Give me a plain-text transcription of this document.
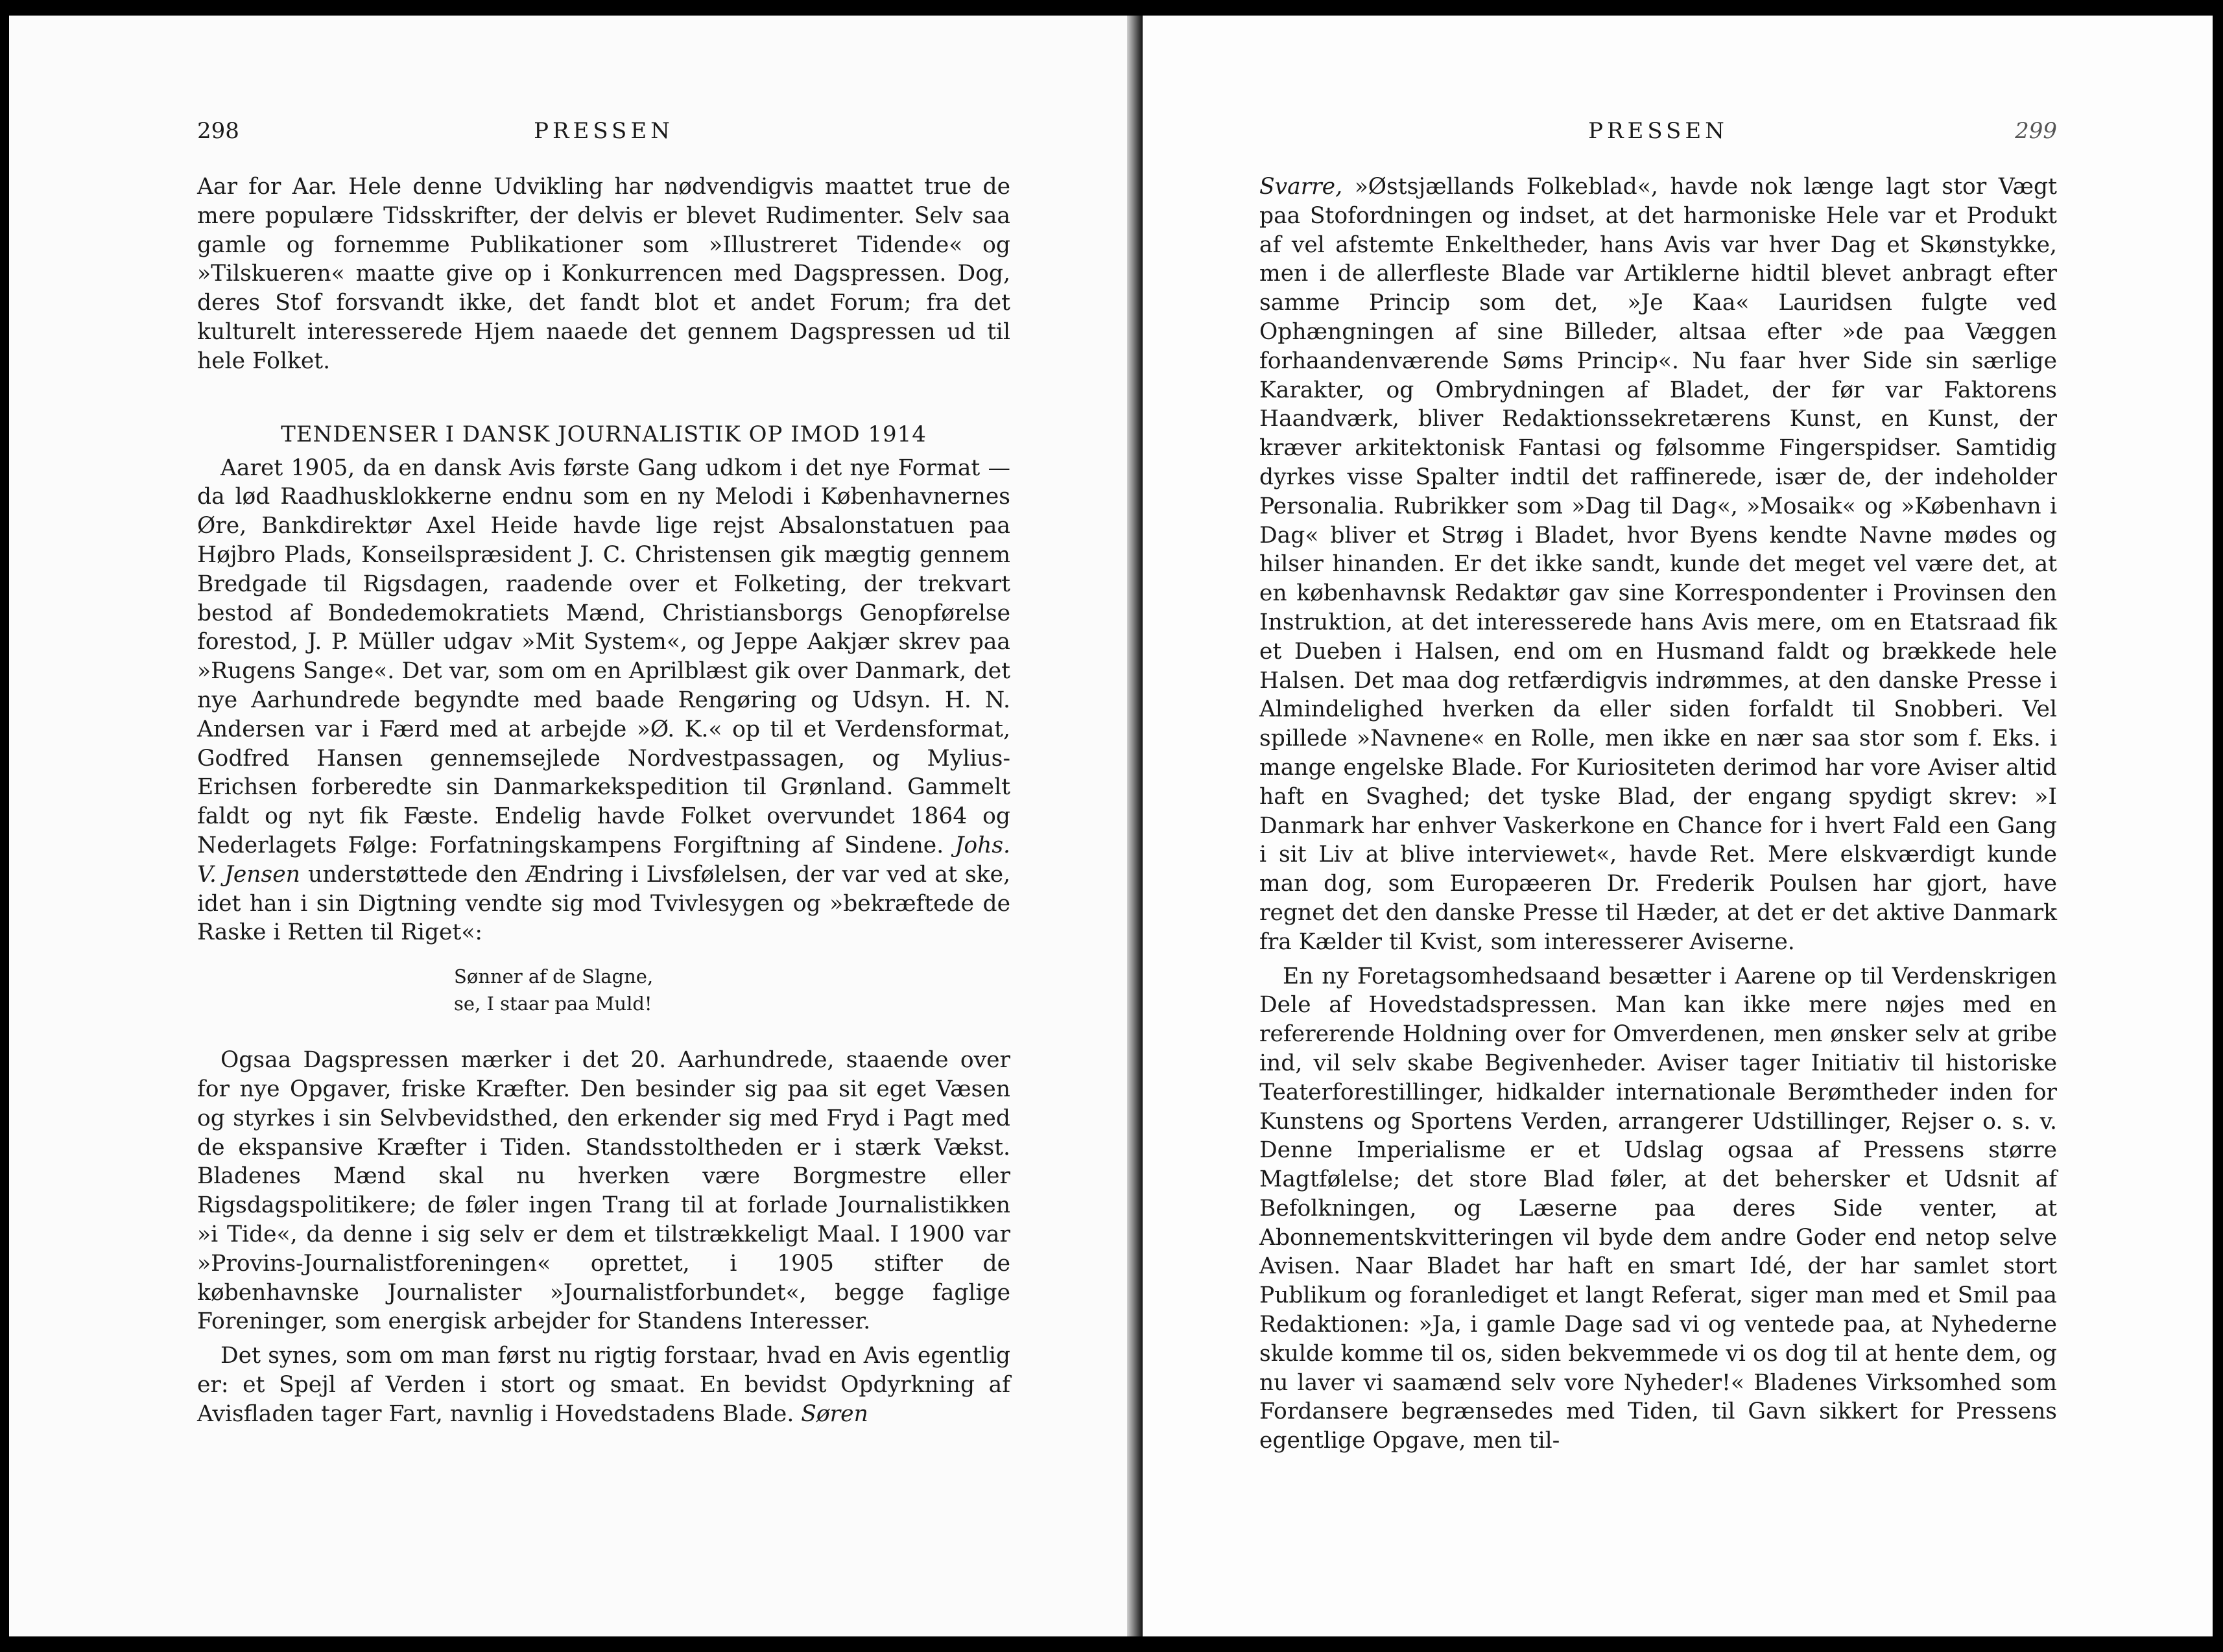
298	PRESSEN

Aar for Aar. Hele denne Udvikling har nødvendigvis maattet true de mere populære Tidsskrifter, der delvis er blevet Rudimenter. Selv saa gamle og fornemme Publikationer som »Illustreret Tidende« og »Tilskueren« maatte give op i Konkurrencen med Dagspressen. Dog, deres Stof forsvandt ikke, det fandt blot et andet Forum; fra det kulturelt interesserede Hjem naaede det gennem Dagspressen ud til hele Folket.

TENDENSER I DANSK JOURNALISTIK OP IMOD 1914

Aaret 1905, da en dansk Avis første Gang udkom i det nye Format — da lød Raadhusklokkerne endnu som en ny Melodi i Københavnernes Øre, Bankdirektør Axel Heide havde lige rejst Absalonstatuen paa Højbro Plads, Konseilspræsident J. C. Christensen gik mægtig gennem Bredgade til Rigsdagen, raadende over et Folketing, der trekvart bestod af Bondedemokratiets Mænd, Christiansborgs Genopførelse forestod, J. P. Müller udgav »Mit System«, og Jeppe Aakjær skrev paa »Rugens Sange«. Det var, som om en Aprilblæst gik over Danmark, det nye Aarhundrede begyndte med baade Rengøring og Udsyn. H. N. Andersen var i Færd med at arbejde »Ø. K.« op til et Verdensformat, Godfred Hansen gennemsejlede Nordvestpassagen, og Mylius-Erichsen forberedte sin Danmarkekspedition til Grønland. Gammelt faldt og nyt fik Fæste. Endelig havde Folket overvundet 1864 og Nederlagets Følge: Forfatningskampens Forgiftning af Sindene. Johs. V. Jensen understøttede den Ændring i Livsfølelsen, der var ved at ske, idet han i sin Digtning vendte sig mod Tvivlesygen og »bekræftede de Raske i Retten til Riget«:

Sønner af de Slagne,
se, I staar paa Muld!

Ogsaa Dagspressen mærker i det 20. Aarhundrede, staaende over for nye Opgaver, friske Kræfter. Den besinder sig paa sit eget Væsen og styrkes i sin Selvbevidsthed, den erkender sig med Fryd i Pagt med de ekspansive Kræfter i Tiden. Standsstoltheden er i stærk Vækst. Bladenes Mænd skal nu hverken være Borgmestre eller Rigsdagspolitikere; de føler ingen Trang til at forlade Journalistikken »i Tide«, da denne i sig selv er dem et tilstrækkeligt Maal. I 1900 var »Provins-Journalistforeningen« oprettet, i 1905 stifter de københavnske Journalister »Journalistforbundet«, begge faglige Foreninger, som energisk arbejder for Standens Interesser.

Det synes, som om man først nu rigtig forstaar, hvad en Avis egentlig er: et Spejl af Verden i stort og smaat. En bevidst Opdyrkning af Avisfladen tager Fart, navnlig i Hovedstadens Blade. Søren

PRESSEN	299

Svarre, »Østsjællands Folkeblad«, havde nok længe lagt stor Vægt paa Stofordningen og indset, at det harmoniske Hele var et Produkt af vel afstemte Enkeltheder, hans Avis var hver Dag et Skønstykke, men i de allerfleste Blade var Artiklerne hidtil blevet anbragt efter samme Princip som det, »Je Kaa« Lauridsen fulgte ved Ophængningen af sine Billeder, altsaa efter »de paa Væggen forhaandenværende Søms Princip«. Nu faar hver Side sin særlige Karakter, og Ombrydningen af Bladet, der før var Faktorens Haandværk, bliver Redaktionssekretærens Kunst, en Kunst, der kræver arkitektonisk Fantasi og følsomme Fingerspidser. Samtidig dyrkes visse Spalter indtil det raffinerede, især de, der indeholder Personalia. Rubrikker som »Dag til Dag«, »Mosaik« og »København i Dag« bliver et Strøg i Bladet, hvor Byens kendte Navne mødes og hilser hinanden. Er det ikke sandt, kunde det meget vel være det, at en københavnsk Redaktør gav sine Korrespondenter i Provinsen den Instruktion, at det interesserede hans Avis mere, om en Etatsraad fik et Dueben i Halsen, end om en Husmand faldt og brækkede hele Halsen. Det maa dog retfærdigvis indrømmes, at den danske Presse i Almindelighed hverken da eller siden forfaldt til Snobberi. Vel spillede »Navnene« en Rolle, men ikke en nær saa stor som f. Eks. i mange engelske Blade. For Kuriositeten derimod har vore Aviser altid haft en Svaghed; det tyske Blad, der engang spydigt skrev: »I Danmark har enhver Vaskerkone en Chance for i hvert Fald een Gang i sit Liv at blive interviewet«, havde Ret. Mere elskværdigt kunde man dog, som Europæeren Dr. Frederik Poulsen har gjort, have regnet det den danske Presse til Hæder, at det er det aktive Danmark fra Kælder til Kvist, som interesserer Aviserne.

En ny Foretagsomhedsaand besætter i Aarene op til Verdenskrigen Dele af Hovedstadspressen. Man kan ikke mere nøjes med en refererende Holdning over for Omverdenen, men ønsker selv at gribe ind, vil selv skabe Begivenheder. Aviser tager Initiativ til historiske Teaterforestillinger, hidkalder internationale Berømtheder inden for Kunstens og Sportens Verden, arrangerer Udstillinger, Rejser o. s. v. Denne Imperialisme er et Udslag ogsaa af Pressens større Magtfølelse; det store Blad føler, at det behersker et Udsnit af Befolkningen, og Læserne paa deres Side venter, at Abonnementskvitteringen vil byde dem andre Goder end netop selve Avisen. Naar Bladet har haft en smart Idé, der har samlet stort Publikum og foranlediget et langt Referat, siger man med et Smil paa Redaktionen: »Ja, i gamle Dage sad vi og ventede paa, at Nyhederne skulde komme til os, siden bekvemmede vi os dog til at hente dem, og nu laver vi saamænd selv vore Nyheder!« Bladenes Virksomhed som Fordansere begrænsedes med Tiden, til Gavn sikkert for Pressens egentlige Opgave, men til-
